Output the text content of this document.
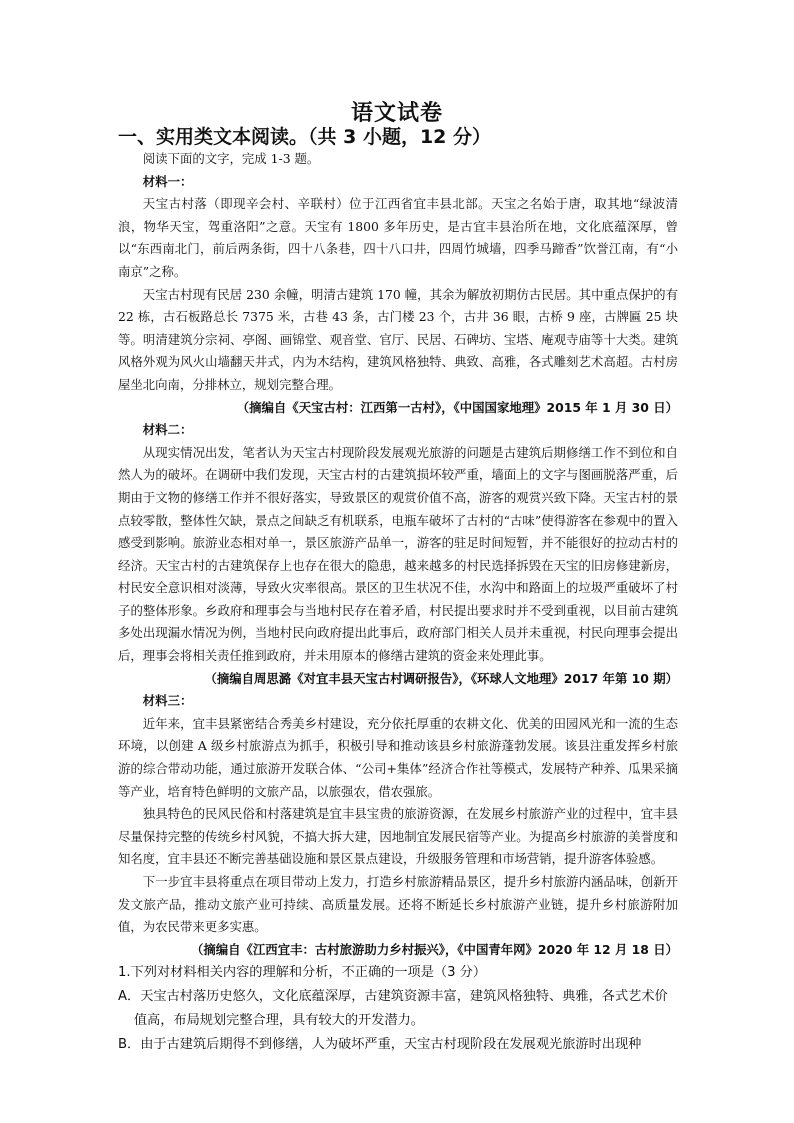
语文试卷
一、实用类文本阅读。（共 3 小题，12 分）

阅读下面的文字，完成 1-3 题。

材料一：

天宝古村落（即现辛会村、辛联村）位于江西省宜丰县北部。天宝之名始于唐，取其地“绿波清浪，物华天宝，驾重洛阳”之意。天宝有 1800 多年历史，是古宜丰县治所在地，文化底蕴深厚，曾以“东西南北门，前后两条街，四十八条巷，四十八口井，四周竹城墙，四季马蹄香”饮誉江南，有“小南京”之称。

天宝古村现有民居 230 余幢，明清古建筑 170 幢，其余为解放初期仿古民居。其中重点保护的有 22 栋，古石板路总长 7375 米，古巷 43 条，古门楼 23 个，古井 36 眼，古桥 9 座，古牌匾 25 块等。明清建筑分宗祠、亭阁、画锦堂、观音堂、官厅、民居、石碑坊、宝塔、庵观寺庙等十大类。建筑风格外观为风火山墙翻天井式，内为木结构，建筑风格独特、典致、高雅，各式雕刻艺术高超。古村房屋坐北向南，分排林立，规划完整合理。

（摘编自《天宝古村：江西第一古村》，《中国国家地理》2015 年 1 月 30 日）

材料二：

从现实情况出发，笔者认为天宝古村现阶段发展观光旅游的问题是古建筑后期修缮工作不到位和自然人为的破坏。在调研中我们发现，天宝古村的古建筑损坏较严重，墙面上的文字与图画脱落严重，后期由于文物的修缮工作并不很好落实，导致景区的观赏价值不高，游客的观赏兴致下降。天宝古村的景点较零散，整体性欠缺，景点之间缺乏有机联系，电瓶车破坏了古村的“古味”使得游客在参观中的置入感受到影响。旅游业态相对单一，景区旅游产品单一，游客的驻足时间短暂，并不能很好的拉动古村的经济。天宝古村的古建筑保存上也存在很大的隐患，越来越多的村民选择拆毁在天宝的旧房修建新房，村民安全意识相对淡薄，导致火灾率很高。景区的卫生状况不佳，水沟中和路面上的垃圾严重破坏了村子的整体形象。乡政府和理事会与当地村民存在着矛盾，村民提出要求时并不受到重视，以目前古建筑多处出现漏水情况为例，当地村民向政府提出此事后，政府部门相关人员并未重视，村民向理事会提出后，理事会将相关责任推到政府，并未用原本的修缮古建筑的资金来处理此事。

（摘编自周思潞《对宜丰县天宝古村调研报告》，《环球人文地理》2017 年第 10 期）

材料三：

近年来，宜丰县紧密结合秀美乡村建设，充分依托厚重的农耕文化、优美的田园风光和一流的生态环境，以创建 A 级乡村旅游点为抓手，积极引导和推动该县乡村旅游蓬勃发展。该县注重发挥乡村旅游的综合带动功能，通过旅游开发联合体、“公司+集体”经济合作社等模式，发展特产种养、瓜果采摘等产业，培育特色鲜明的文旅产品，以旅强农，借农强旅。

独具特色的民风民俗和村落建筑是宜丰县宝贵的旅游资源，在发展乡村旅游产业的过程中，宜丰县尽量保持完整的传统乡村风貌，不搞大拆大建，因地制宜发展民宿等产业。为提高乡村旅游的美誉度和知名度，宜丰县还不断完善基础设施和景区景点建设，升级服务管理和市场营销，提升游客体验感。

下一步宜丰县将重点在项目带动上发力，打造乡村旅游精品景区，提升乡村旅游内涵品味，创新开发文旅产品，推动文旅产业可持续、高质量发展。还将不断延长乡村旅游产业链，提升乡村旅游附加值，为农民带来更多实惠。

（摘编自《江西宜丰：古村旅游助力乡村振兴》，《中国青年网》2020 年 12 月 18 日）

1.下列对材料相关内容的理解和分析，不正确的一项是（3 分）

A．天宝古村落历史悠久，文化底蕴深厚，古建筑资源丰富，建筑风格独特、典雅，各式艺术价值高，布局规划完整合理，具有较大的开发潜力。

B．由于古建筑后期得不到修缮，人为破坏严重，天宝古村现阶段在发展观光旅游时出现种
